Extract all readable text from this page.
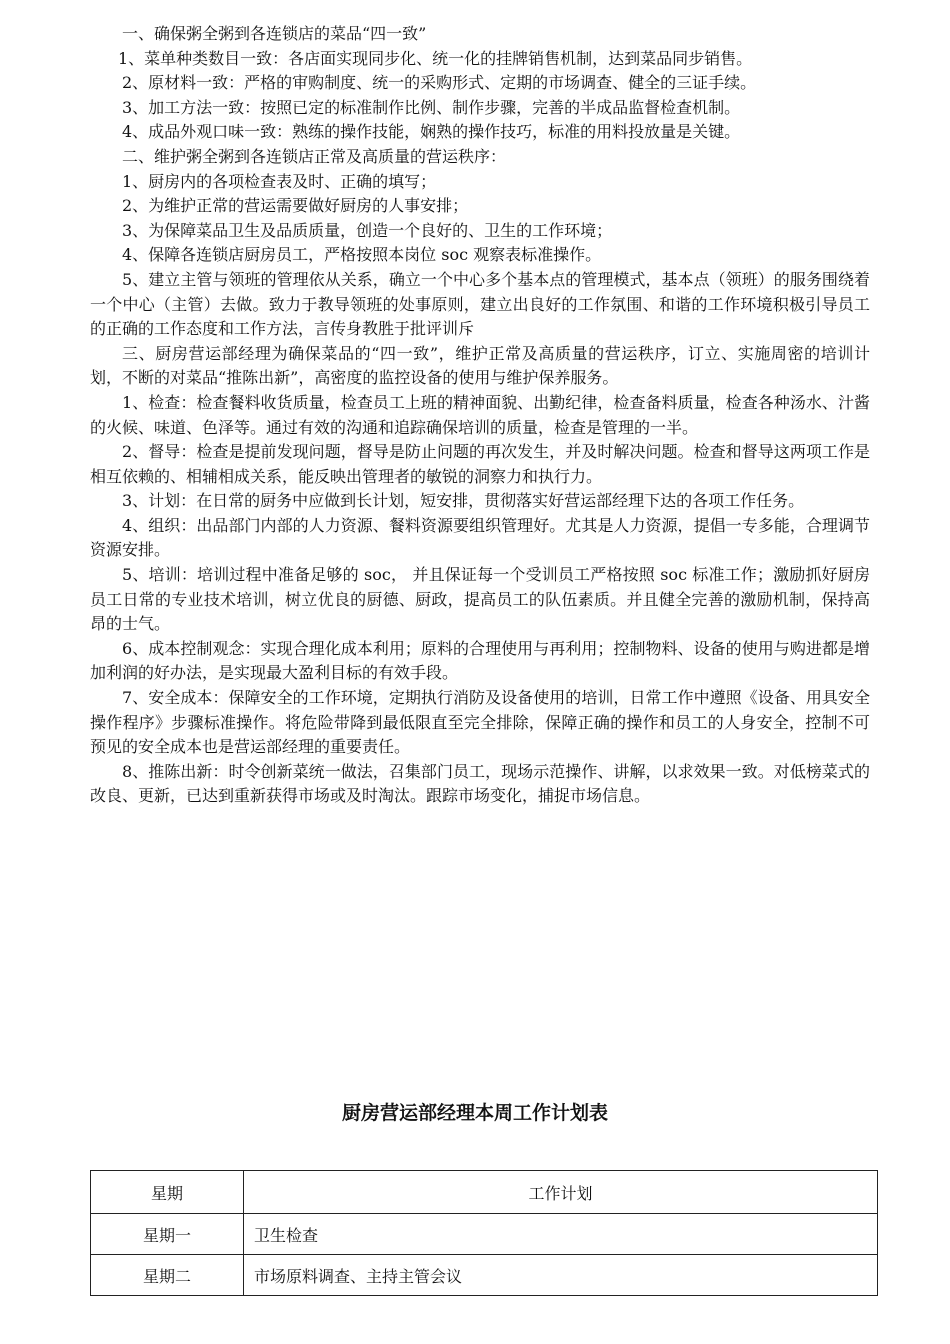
一、确保粥全粥到各连锁店的菜品“四一致”

1、菜单种类数目一致：各店面实现同步化、统一化的挂牌销售机制，达到菜品同步销售。

2、原材料一致：严格的审购制度、统一的采购形式、定期的市场调查、健全的三证手续。

3、加工方法一致：按照已定的标准制作比例、制作步骤，完善的半成品监督检查机制。

4、成品外观口味一致：熟练的操作技能，娴熟的操作技巧，标准的用料投放量是关键。

二、维护粥全粥到各连锁店正常及高质量的营运秩序：

1、厨房内的各项检查表及时、正确的填写；

2、为维护正常的营运需要做好厨房的人事安排；

3、为保障菜品卫生及品质质量，创造一个良好的、卫生的工作环境；

4、保障各连锁店厨房员工，严格按照本岗位 soc 观察表标准操作。

5、建立主管与领班的管理依从关系，确立一个中心多个基本点的管理模式，基本点（领班）的服务围绕着一个中心（主管）去做。致力于教导领班的处事原则，建立出良好的工作氛围、和谐的工作环境积极引导员工的正确的工作态度和工作方法，言传身教胜于批评训斥

三、厨房营运部经理为确保菜品的“四一致”，维护正常及高质量的营运秩序，订立、实施周密的培训计划，不断的对菜品“推陈出新”，高密度的监控设备的使用与维护保养服务。

1、检查：检查餐料收货质量，检查员工上班的精神面貌、出勤纪律，检查备料质量，检查各种汤水、汁酱的火候、味道、色泽等。通过有效的沟通和追踪确保培训的质量，检查是管理的一半。

2、督导：检查是提前发现问题，督导是防止问题的再次发生，并及时解决问题。检查和督导这两项工作是相互依赖的、相辅相成关系，能反映出管理者的敏锐的洞察力和执行力。

3、计划：在日常的厨务中应做到长计划，短安排，贯彻落实好营运部经理下达的各项工作任务。

4、组织：出品部门内部的人力资源、餐料资源要组织管理好。尤其是人力资源，提倡一专多能，合理调节资源安排。

5、培训：培训过程中准备足够的 soc， 并且保证每一个受训员工严格按照 soc 标准工作；激励抓好厨房员工日常的专业技术培训，树立优良的厨德、厨政，提高员工的队伍素质。并且健全完善的激励机制，保持高昂的士气。

6、成本控制观念：实现合理化成本利用；原料的合理使用与再利用；控制物料、设备的使用与购进都是增加利润的好办法，是实现最大盈利目标的有效手段。

7、安全成本：保障安全的工作环境，定期执行消防及设备使用的培训，日常工作中遵照《设备、用具安全操作程序》步骤标准操作。将危险带降到最低限直至完全排除，保障正确的操作和员工的人身安全，控制不可预见的安全成本也是营运部经理的重要责任。

8、推陈出新：时令创新菜统一做法，召集部门员工，现场示范操作、讲解，以求效果一致。对低榜菜式的改良、更新，已达到重新获得市场或及时淘汰。跟踪市场变化，捕捉市场信息。

厨房营运部经理本周工作计划表
星期	工作计划
星期一	卫生检查
星期二	市场原料调查、主持主管会议
